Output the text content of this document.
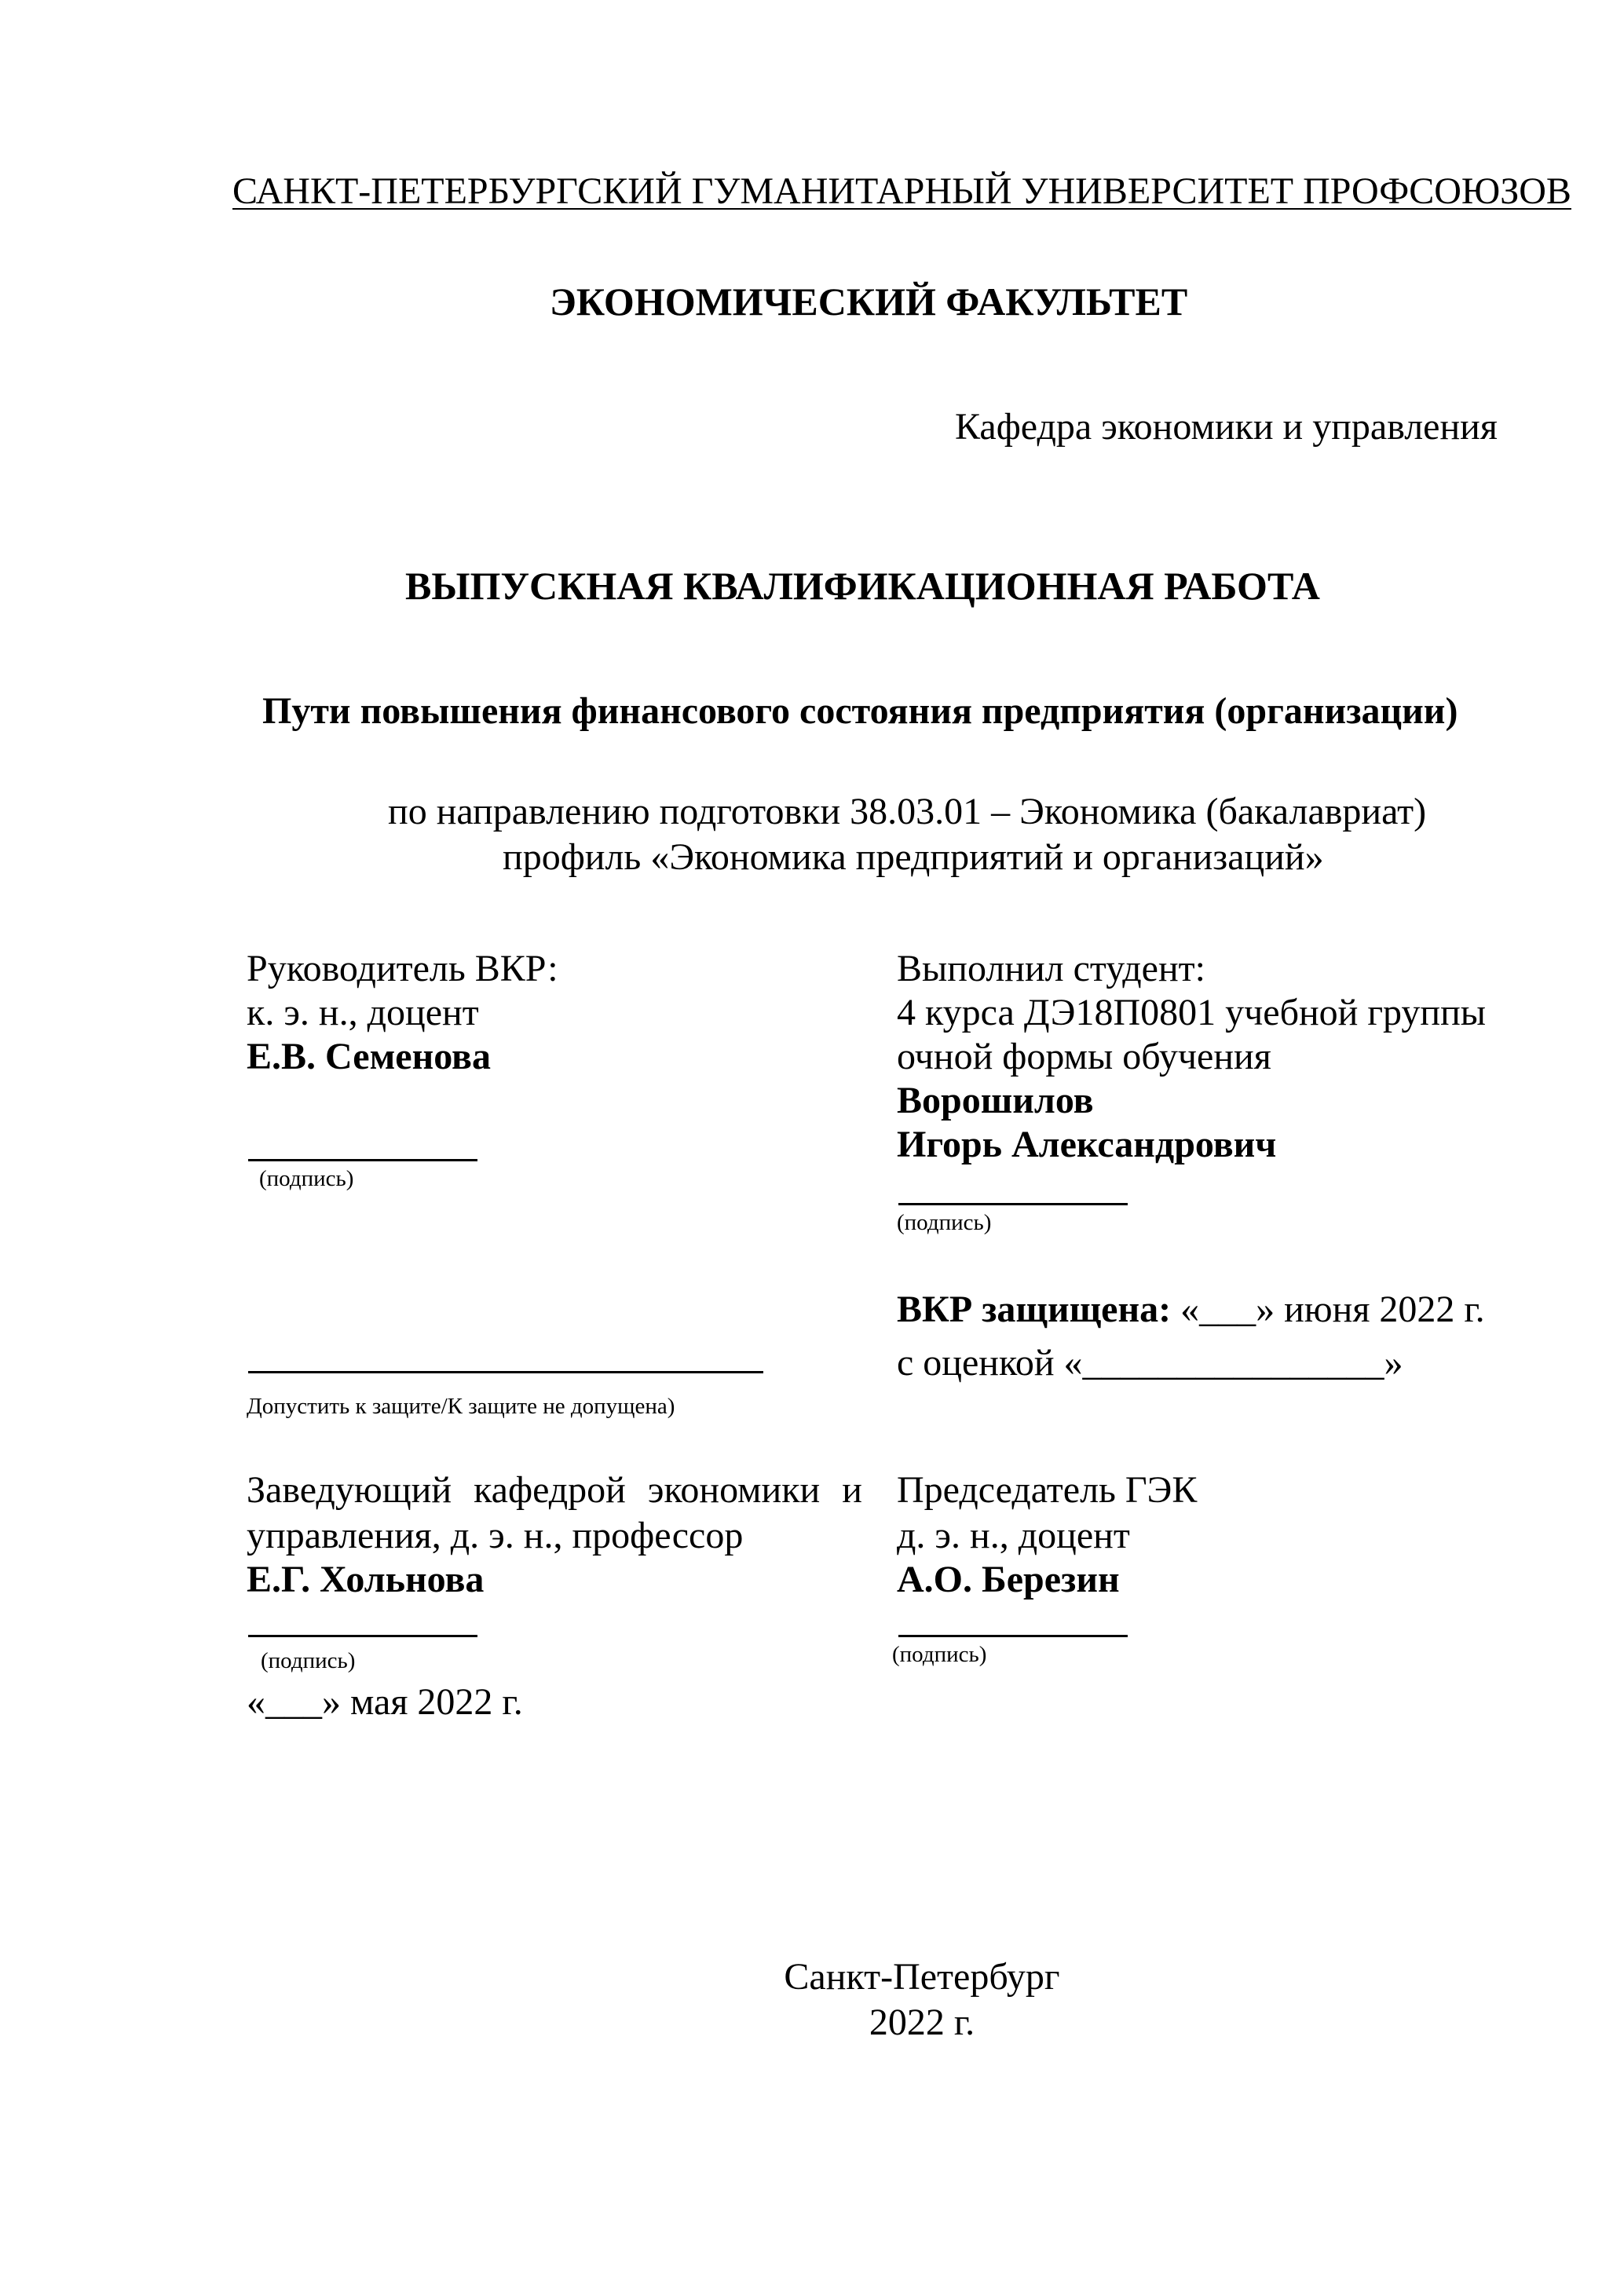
САНКТ-ПЕТЕРБУРГСКИЙ ГУМАНИТАРНЫЙ УНИВЕРСИТЕТ ПРОФСОЮЗОВ
ЭКОНОМИЧЕСКИЙ ФАКУЛЬТЕТ
Кафедра экономики и управления
ВЫПУСКНАЯ КВАЛИФИКАЦИОННАЯ РАБОТА
Пути повышения финансового состояния предприятия (организации)
по направлению подготовки 38.03.01 – Экономика (бакалавриат)
профиль «Экономика предприятий и организаций»
Руководитель ВКР:
к. э. н., доцент
Е.В. Семенова
(подпись)
Выполнил студент:
4 курса ДЭ18П0801 учебной группы
очной формы обучения
Ворошилов
Игорь Александрович
(подпись)
ВКР защищена: «___» июня 2022 г.
с оценкой «________________»
Допустить к защите/К защите не допущена)
Заведующий кафедрой экономики и
управления, д. э. н., профессор
Е.Г. Хольнова
(подпись)
«___» мая 2022 г.
Председатель ГЭК
д. э. н., доцент
А.О. Березин
(подпись)
Санкт-Петербург
2022 г.
